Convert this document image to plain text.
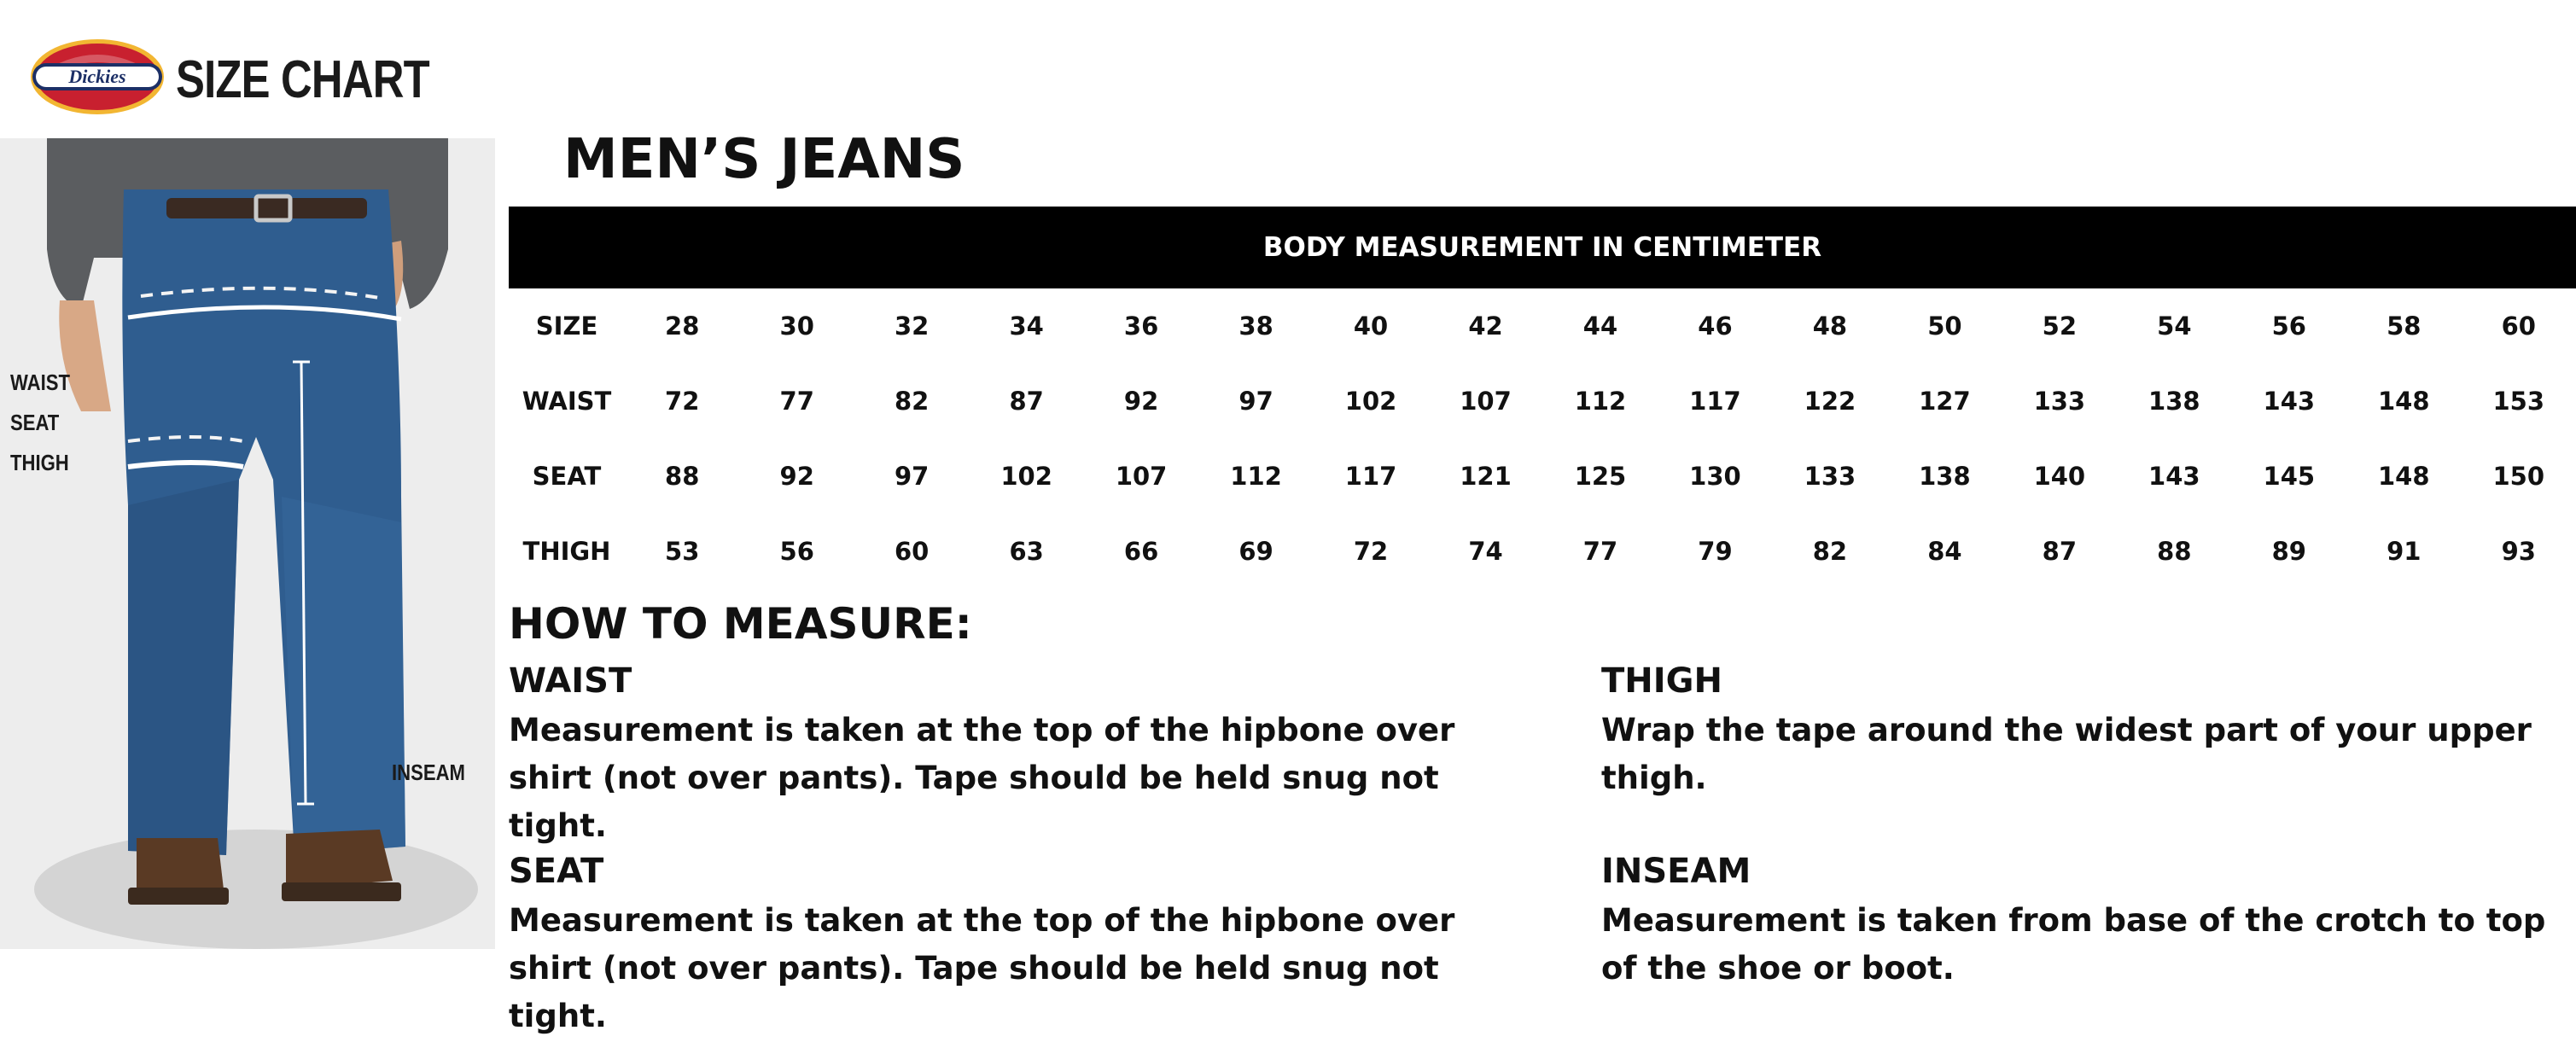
Dickies SIZE CHART
WAIST
SEAT
THIGH
INSEAM
MEN’S JEANS
BODY MEASUREMENT IN CENTIMETER
SIZE	28	30	32	34	36	38	40	42	44	46	48	50	52	54	56	58	60
WAIST	72	77	82	87	92	97	102	107	112	117	122	127	133	138	143	148	153
SEAT	88	92	97	102	107	112	117	121	125	130	133	138	140	143	145	148	150
THIGH	53	56	60	63	66	69	72	74	77	79	82	84	87	88	89	91	93
HOW TO MEASURE:
WAIST

Measurement is taken at the top of the hipbone over shirt (not over pants). Tape should be held snug not tight.

THIGH

Wrap the tape around the widest part of your upper thigh.

SEAT

Measurement is taken at the top of the hipbone over shirt (not over pants). Tape should be held snug not tight.

INSEAM

Measurement is taken from base of the crotch to top of the shoe or boot.
